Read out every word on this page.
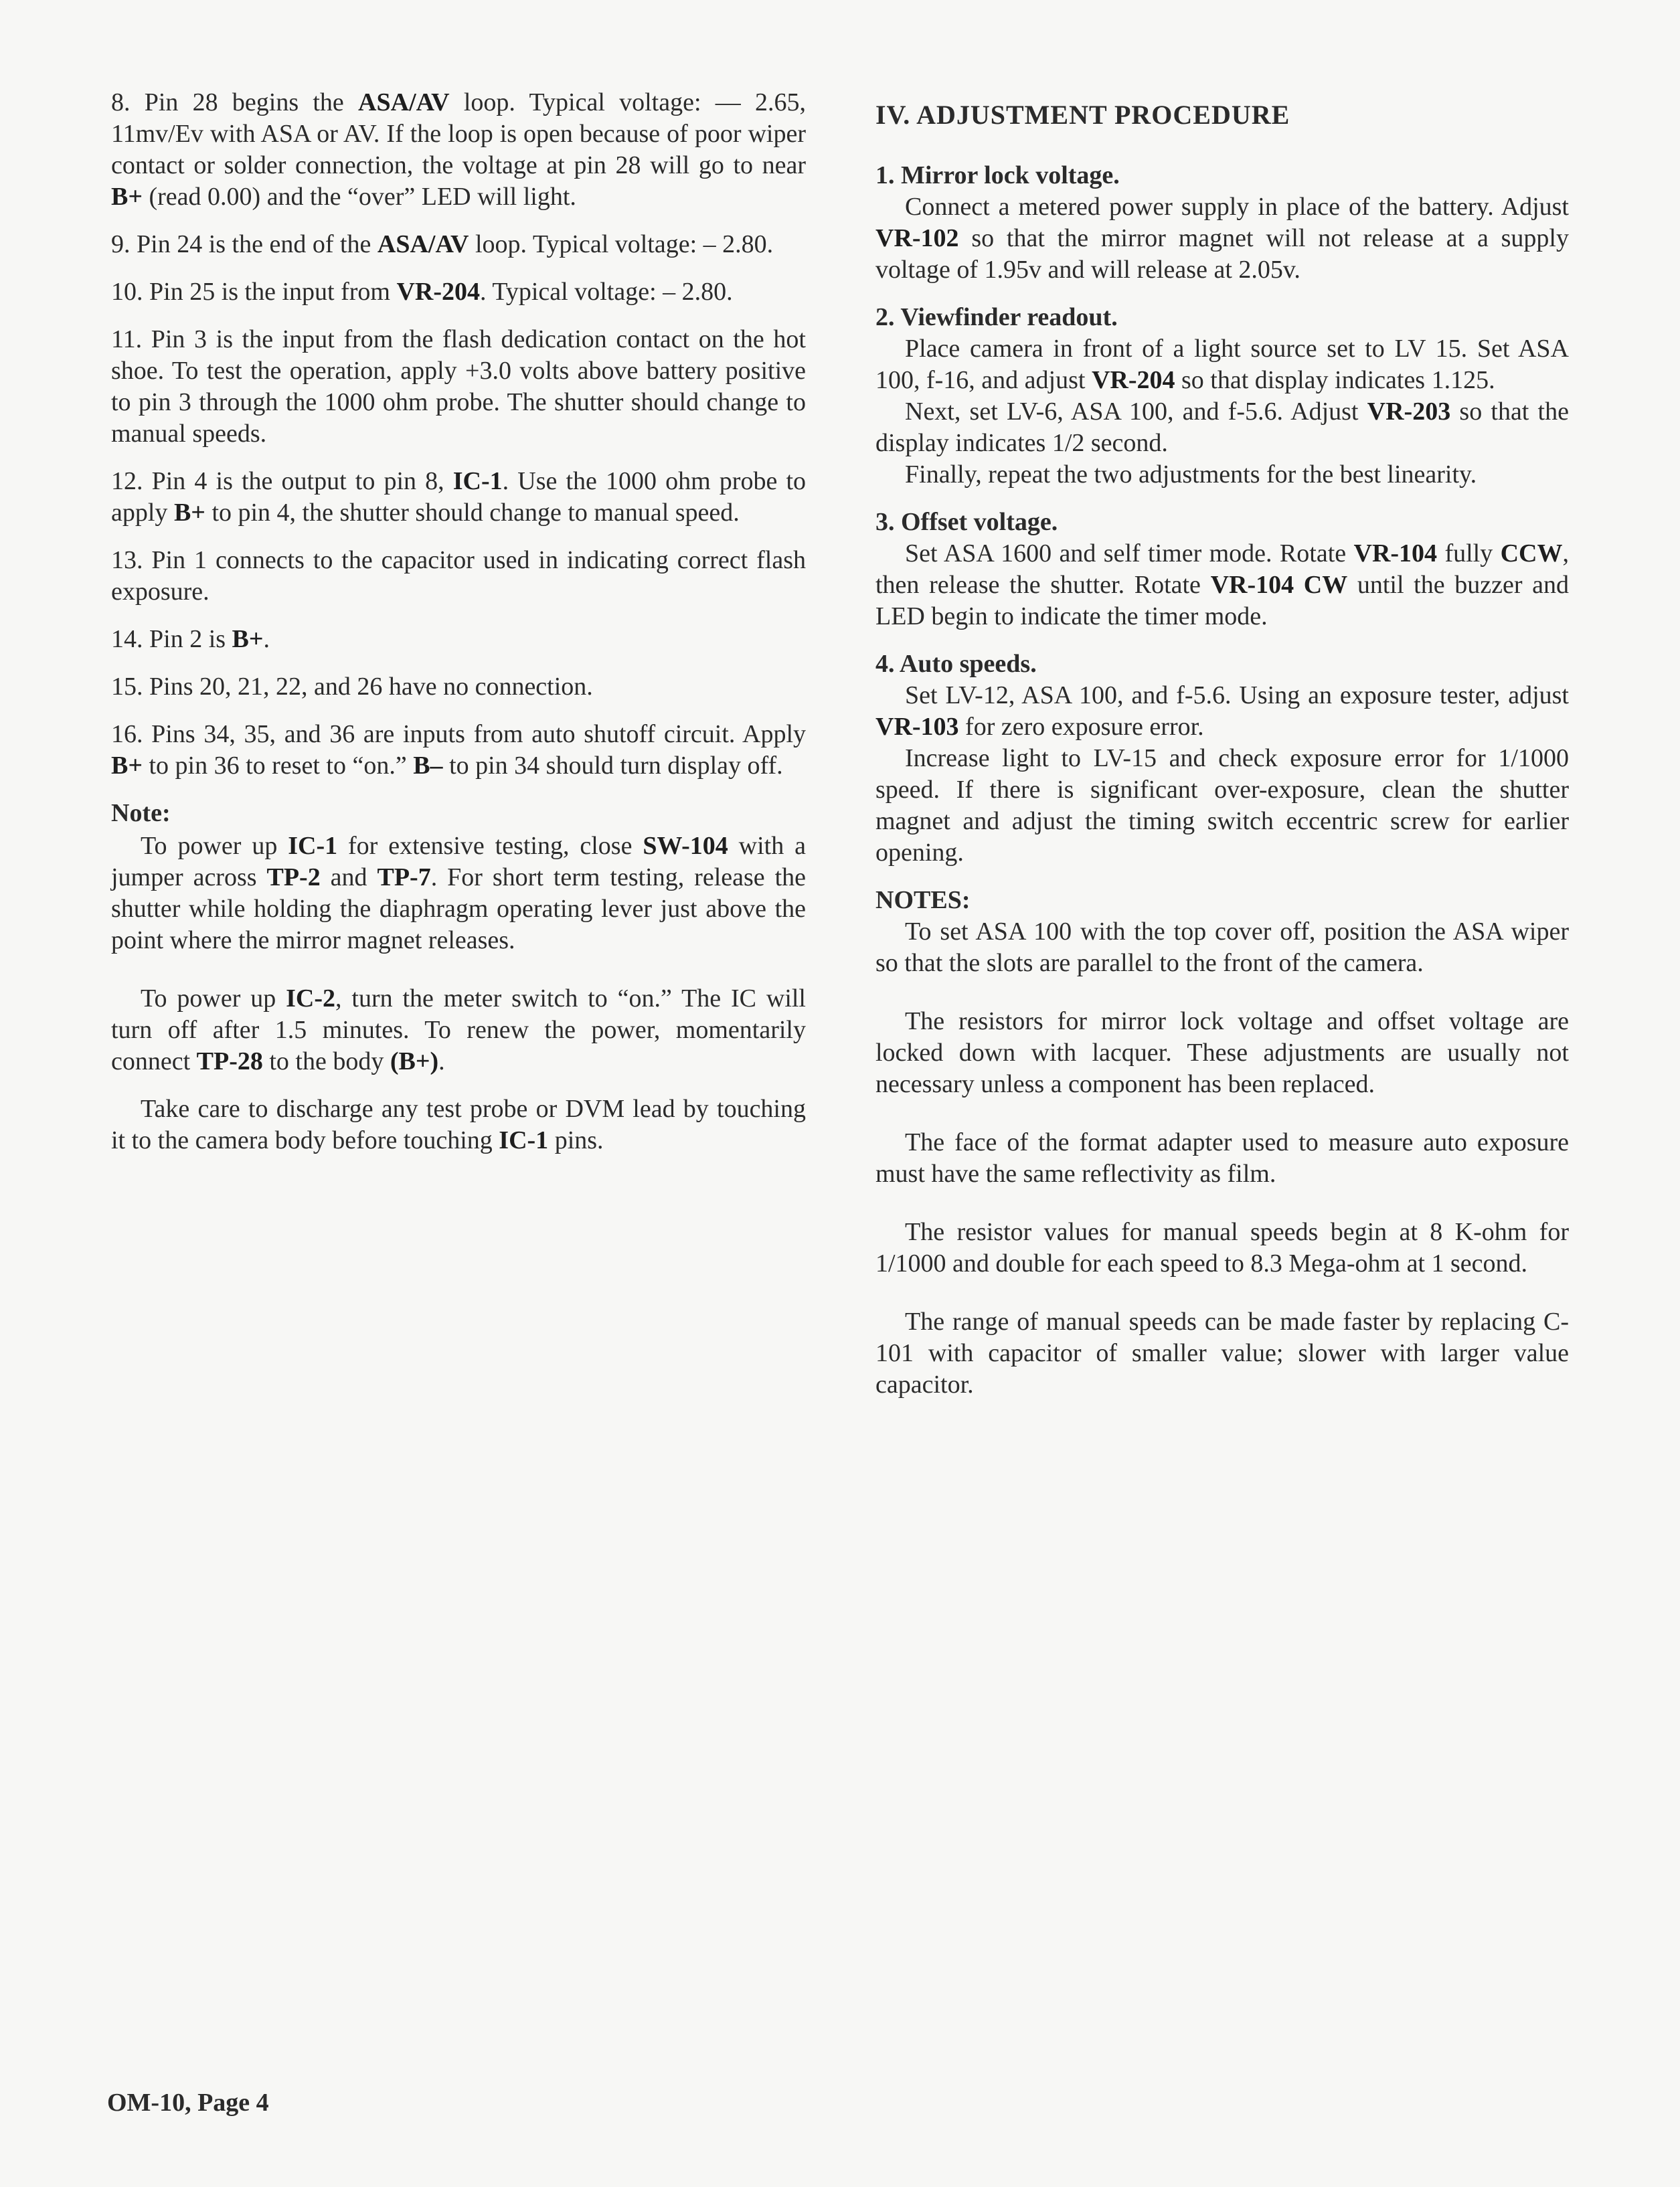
8. Pin 28 begins the ASA/AV loop. Typical voltage: — 2.65, 11mv/Ev with ASA or AV. If the loop is open because of poor wiper contact or solder connection, the voltage at pin 28 will go to near B+ (read 0.00) and the “over” LED will light.

9. Pin 24 is the end of the ASA/AV loop. Typical voltage: – 2.80.

10. Pin 25 is the input from VR-204. Typical voltage: – 2.80.

11. Pin 3 is the input from the flash dedication contact on the hot shoe. To test the operation, apply +3.0 volts above battery positive to pin 3 through the 1000 ohm probe. The shutter should change to manual speeds.

12. Pin 4 is the output to pin 8, IC-1. Use the 1000 ohm probe to apply B+ to pin 4, the shutter should change to manual speed.

13. Pin 1 connects to the capacitor used in indicating correct flash exposure.

14. Pin 2 is B+.

15. Pins 20, 21, 22, and 26 have no connection.

16. Pins 34, 35, and 36 are inputs from auto shutoff circuit. Apply B+ to pin 36 to reset to “on.” B– to pin 34 should turn display off.

Note:

To power up IC-1 for extensive testing, close SW-104 with a jumper across TP-2 and TP-7. For short term testing, release the shutter while holding the diaphragm operating lever just above the point where the mirror magnet releases.

To power up IC-2, turn the meter switch to “on.” The IC will turn off after 1.5 minutes. To renew the power, momentarily connect TP-28 to the body (B+).

Take care to discharge any test probe or DVM lead by touching it to the camera body before touching IC-1 pins.

IV. ADJUSTMENT PROCEDURE

1. Mirror lock voltage.

Connect a metered power supply in place of the battery. Adjust VR-102 so that the mirror magnet will not release at a supply voltage of 1.95v and will release at 2.05v.

2. Viewfinder readout.

Place camera in front of a light source set to LV 15. Set ASA 100, f-16, and adjust VR-204 so that display indicates 1.125.

Next, set LV-6, ASA 100, and f-5.6. Adjust VR-203 so that the display indicates 1/2 second.

Finally, repeat the two adjustments for the best linearity.

3. Offset voltage.

Set ASA 1600 and self timer mode. Rotate VR-104 fully CCW, then release the shutter. Rotate VR-104 CW until the buzzer and LED begin to indicate the timer mode.

4. Auto speeds.

Set LV-12, ASA 100, and f-5.6. Using an exposure tester, adjust VR-103 for zero exposure error.

Increase light to LV-15 and check exposure error for 1/1000 speed. If there is significant over-exposure, clean the shutter magnet and adjust the timing switch eccentric screw for earlier opening.

NOTES:

To set ASA 100 with the top cover off, position the ASA wiper so that the slots are parallel to the front of the camera.

The resistors for mirror lock voltage and offset voltage are locked down with lacquer. These adjustments are usually not necessary unless a component has been replaced.

The face of the format adapter used to measure auto exposure must have the same reflectivity as film.

The resistor values for manual speeds begin at 8 K-ohm for 1/1000 and double for each speed to 8.3 Mega-ohm at 1 second.

The range of manual speeds can be made faster by replacing C-101 with capacitor of smaller value; slower with larger value capacitor.

OM-10, Page 4
